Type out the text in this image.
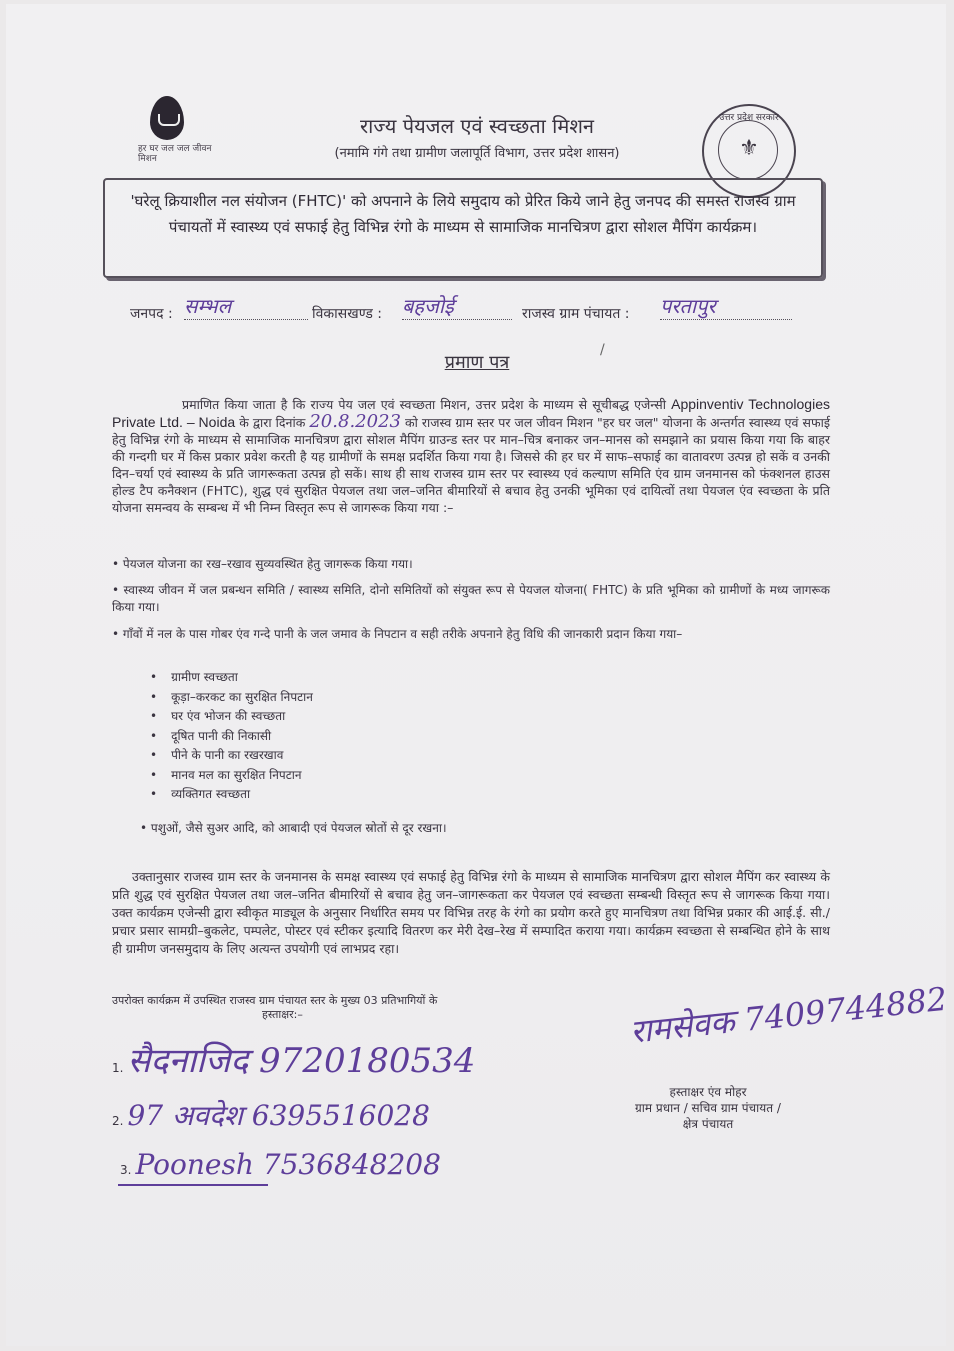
हर घर जल जल जीवन मिशन
उत्तर प्रदेश सरकार
⚜
राज्य पेयजल एवं स्वच्छता मिशन
(नमामि गंगे तथा ग्रामीण जलापूर्ति विभाग, उत्तर प्रदेश शासन)
'घरेलू क्रियाशील नल संयोजन (FHTC)' को अपनाने के लिये समुदाय को प्रेरित किये जाने हेतु जनपद की समस्त राजस्व ग्राम पंचायतों में स्वास्थ्य एवं सफाई हेतु विभिन्न रंगो के माध्यम से सामाजिक मानचित्रण द्वारा सोशल मैपिंग कार्यक्रम।
जनपद : सम्भल	विकासखण्ड : बहजोई	राजस्व ग्राम पंचायत : परतापुर
/
प्रमाण पत्र
प्रमाणित किया जाता है कि राज्य पेय जल एवं स्वच्छता मिशन, उत्तर प्रदेश के माध्यम से सूचीबद्ध एजेन्सी Appinventiv Technologies Private Ltd. – Noida के द्वारा दिनांक 20.8.2023 को राजस्व ग्राम स्तर पर जल जीवन मिशन "हर घर जल" योजना के अन्तर्गत स्वास्थ्य एवं सफाई हेतु विभिन्न रंगो के माध्यम से सामाजिक मानचित्रण द्वारा सोशल मैपिंग ग्राउन्ड स्तर पर मान–चित्र बनाकर जन–मानस को समझाने का प्रयास किया गया कि बाहर की गन्दगी घर में किस प्रकार प्रवेश करती है यह ग्रामीणों के समक्ष प्रदर्शित किया गया है। जिससे की हर घर में साफ–सफाई का वातावरण उत्पन्न हो सकें व उनकी दिन–चर्या एवं स्वास्थ्य के प्रति जागरूकता उत्पन्न हो सकें। साथ ही साथ राजस्व ग्राम स्तर पर स्वास्थ्य एवं कल्याण समिति एंव ग्राम जनमानस को फंक्शनल हाउस होल्ड टैप कनैक्शन (FHTC), शुद्ध एवं सुरक्षित पेयजल तथा जल–जनित बीमारियों से बचाव हेतु उनकी भूमिका एवं दायित्वों तथा पेयजल एंव स्वच्छता के प्रति योजना समन्वय के सम्बन्ध में भी निम्न विस्तृत रूप से जागरूक किया गया :–
• पेयजल योजना का रख–रखाव सुव्यवस्थित हेतु जागरूक किया गया।
• स्वास्थ्य जीवन में जल प्रबन्धन समिति / स्वास्थ्य समिति, दोनो समितियों को संयुक्त रूप से पेयजल योजना( FHTC) के प्रति भूमिका को ग्रामीणों के मध्य जागरूक किया गया।
• गाँवों में नल के पास गोबर एंव गन्दे पानी के जल जमाव के निपटान व सही तरीके अपनाने हेतु विधि की जानकारी प्रदान किया गया–
• ग्रामीण स्वच्छता
• कूड़ा–करकट का सुरक्षित निपटान
• घर एंव भोजन की स्वच्छता
• दूषित पानी की निकासी
• पीने के पानी का रखरखाव
• मानव मल का सुरक्षित निपटान
• व्यक्तिगत स्वच्छता
• पशुओं, जैसे सुअर आदि, को आबादी एवं पेयजल स्रोतों से दूर रखना।
उक्तानुसार राजस्व ग्राम स्तर के जनमानस के समक्ष स्वास्थ्य एवं सफाई हेतु विभिन्न रंगो के माध्यम से सामाजिक मानचित्रण द्वारा सोशल मैपिंग कर स्वास्थ्य के प्रति शुद्ध एवं सुरक्षित पेयजल तथा जल–जनित बीमारियों से बचाव हेतु जन–जागरूकता कर पेयजल एवं स्वच्छता सम्बन्धी विस्तृत रूप से जागरूक किया गया। उक्त कार्यक्रम एजेन्सी द्वारा स्वीकृत माड्यूल के अनुसार निर्धारित समय पर विभिन्न तरह के रंगो का प्रयोग करते हुए मानचित्रण तथा विभिन्न प्रकार की आई.ई. सी./प्रचार प्रसार सामग्री–बुकलेट, पम्पलेट, पोस्टर एवं स्टीकर इत्यादि वितरण कर मेरी देख–रेख में सम्पादित कराया गया। कार्यक्रम स्वच्छता से सम्बन्धित होने के साथ ही ग्रामीण जनसमुदाय के लिए अत्यन्त उपयोगी एवं लाभप्रद रहा।
उपरोक्त कार्यक्रम में उपस्थित राजस्व ग्राम पंचायत स्तर के मुख्य 03 प्रतिभागियों के
हस्ताक्षर:–
1. सैदनाजिद 9720180534
2. 97 अवदेश 6395516028
3. Poonesh 7536848208
रामसेवक 7409744882
हस्ताक्षर एंव मोहर
ग्राम प्रधान / सचिव ग्राम पंचायत /
क्षेत्र पंचायत
